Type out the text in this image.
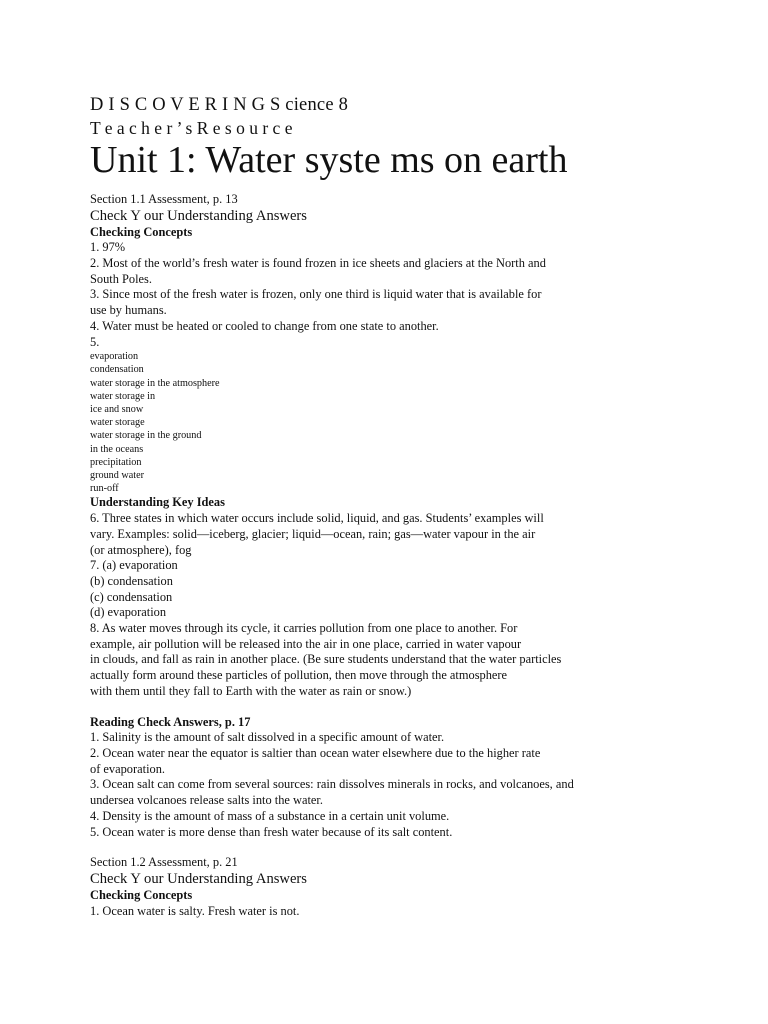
D I S C O V E R I N G S cience 8
T e a c h e r ’ s R e s o u r c e
Unit 1: Water syste ms on earth
Section 1.1 Assessment, p. 13
Check Y our Understanding Answers
Checking Concepts
1. 97%
2. Most of the world’s fresh water is found frozen in ice sheets and glaciers at the North and
South Poles.
3. Since most of the fresh water is frozen, only one third is liquid water that is available for
use by humans.
4. Water must be heated or cooled to change from one state to another.
5.
evaporation
condensation
water storage in the atmosphere
water storage in
ice and snow
water storage
water storage in the ground
in the oceans
precipitation
ground water
run-off
Understanding Key Ideas
6. Three states in which water occurs include solid, liquid, and gas. Students’ examples will
vary. Examples: solid—iceberg, glacier; liquid—ocean, rain; gas—water vapour in the air
(or atmosphere), fog
7. (a) evaporation
(b) condensation
(c) condensation
(d) evaporation
8. As water moves through its cycle, it carries pollution from one place to another. For
example, air pollution will be released into the air in one place, carried in water vapour
in clouds, and fall as rain in another place. (Be sure students understand that the water particles
actually form around these particles of pollution, then move through the atmosphere
with them until they fall to Earth with the water as rain or snow.)
Reading Check Answers, p. 17
1. Salinity is the amount of salt dissolved in a specific amount of water.
2. Ocean water near the equator is saltier than ocean water elsewhere due to the higher rate
of evaporation.
3. Ocean salt can come from several sources: rain dissolves minerals in rocks, and volcanoes, and
undersea volcanoes release salts into the water.
4. Density is the amount of mass of a substance in a certain unit volume.
5. Ocean water is more dense than fresh water because of its salt content.
Section 1.2 Assessment, p. 21
Check Y our Understanding Answers
Checking Concepts
1. Ocean water is salty. Fresh water is not.
